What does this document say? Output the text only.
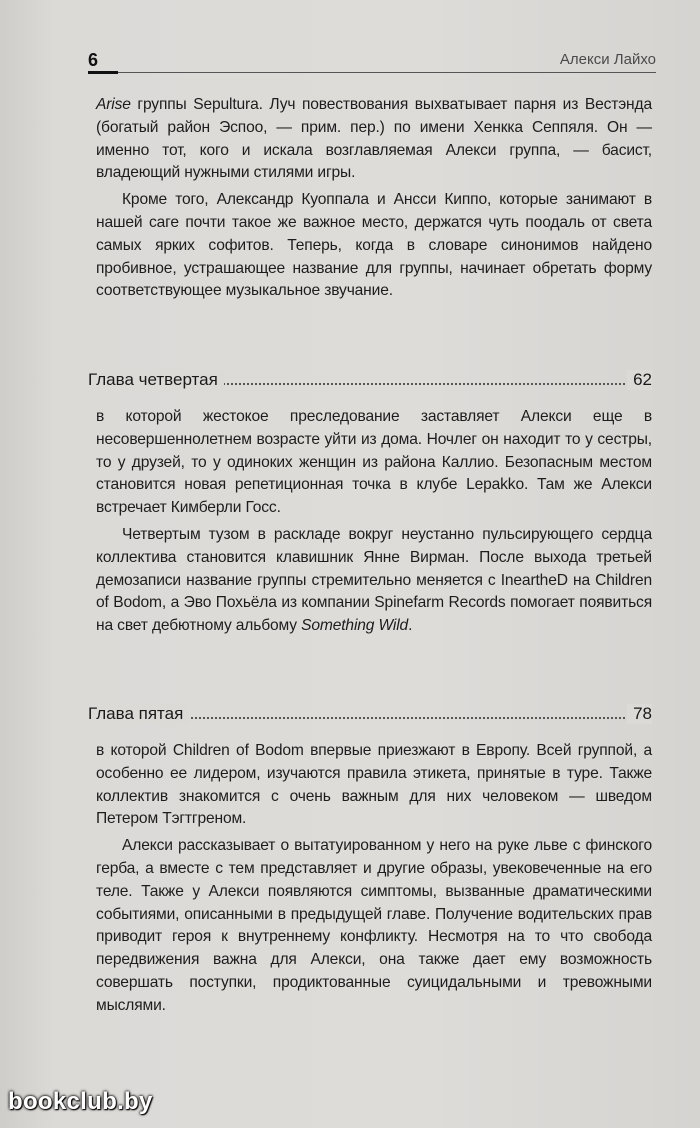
6	Алекси Лайхо

Arise группы Sepultura. Луч повествования выхватывает парня из Вестэнда (богатый район Эспоо, — прим. пер.) по имени Хенкка Сеппяля. Он — именно тот, кого и искала возглавляемая Алекси группа, — басист, владеющий нужными стилями игры.

Кроме того, Александр Куоппала и Ансси Киппо, которые занимают в нашей саге почти такое же важное место, держатся чуть поодаль от света самых ярких софитов. Теперь, когда в словаре синонимов найдено пробивное, устрашающее название для группы, начинает обретать форму соответствующее музыкальное звучание.

Глава четвертая	62

в которой жестокое преследование заставляет Алекси еще в несовершеннолетнем возрасте уйти из дома. Ночлег он находит то у сестры, то у друзей, то у одиноких женщин из района Каллио. Безопасным местом становится новая репетиционная точка в клубе Lepakko. Там же Алекси встречает Кимберли Госс.

Четвертым тузом в раскладе вокруг неустанно пульсирующего сердца коллектива становится клавишник Янне Вирман. После выхода третьей демозаписи название группы стремительно меняется с IneartheD на Children of Bodom, а Эво Похьёла из компании Spinefarm Records помогает появиться на свет дебютному альбому Something Wild.

Глава пятая	78

в которой Children of Bodom впервые приезжают в Европу. Всей группой, а особенно ее лидером, изучаются правила этикета, принятые в туре. Также коллектив знакомится с очень важным для них человеком — шведом Петером Тэгтгреном.

Алекси рассказывает о вытатуированном у него на руке льве с финского герба, а вместе с тем представляет и другие образы, увековеченные на его теле. Также у Алекси появляются симптомы, вызванные драматическими событиями, описанными в предыдущей главе. Получение водительских прав приводит героя к внутреннему конфликту. Несмотря на то что свобода передвижения важна для Алекси, она также дает ему возможность совершать поступки, продиктованные суицидальными и тревожными мыслями.

bookclub.by
